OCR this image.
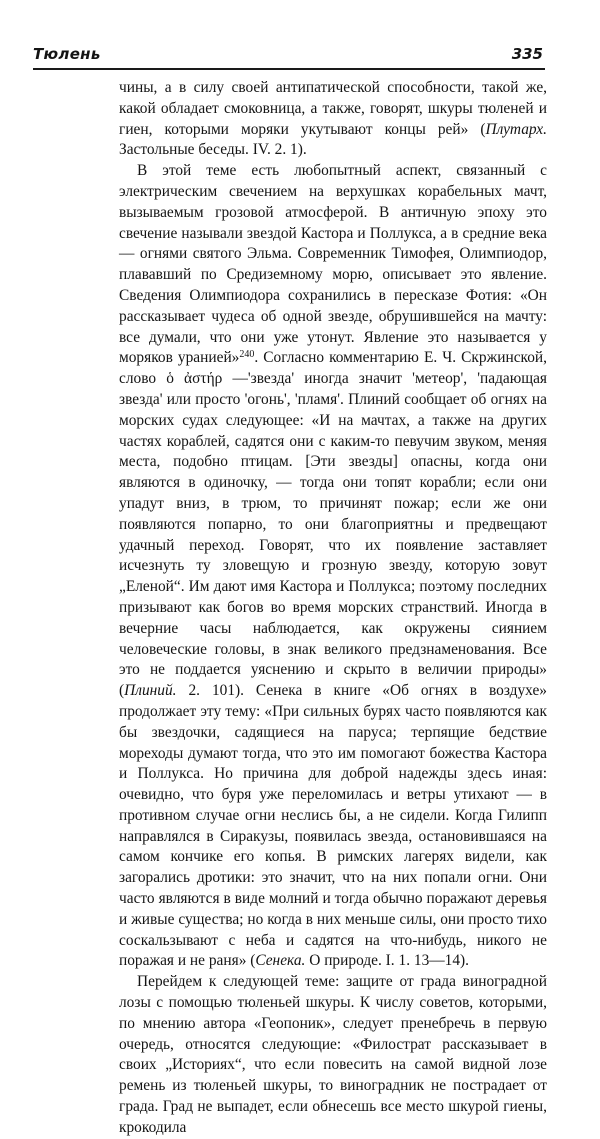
Тюлень	335

чины, а в силу своей антипатической способности, такой же, какой обладает смоковница, а также, говорят, шкуры тюленей и гиен, которыми моряки укутывают концы рей» (Плутарх. Застольные беседы. IV. 2. 1).

В этой теме есть любопытный аспект, связанный с электрическим свечением на верхушках корабельных мачт, вызываемым грозовой атмосферой. В античную эпоху это свечение называли звездой Кастора и Поллукса, а в средние века — огнями святого Эльма. Современник Тимофея, Олимпиодор, плававший по Средиземному морю, описывает это явление. Сведения Олимпиодора сохранились в пересказе Фотия: «Он рассказывает чудеса об одной звезде, обрушившейся на мачту: все думали, что они уже утонут. Явление это называется у моряков уранией»$^{240}$. Согласно комментарию Е. Ч. Скржинской, слово ὁ ἀστήρ —'звезда' иногда значит 'метеор', 'падающая звезда' или просто 'огонь', 'пламя'. Плиний сообщает об огнях на морских судах следующее: «И на мачтах, а также на других частях кораблей, садятся они с каким-то певучим звуком, меняя места, подобно птицам. [Эти звезды] опасны, когда они являются в одиночку, — тогда они топят корабли; если они упадут вниз, в трюм, то причинят пожар; если же они появляются попарно, то они благоприятны и предвещают удачный переход. Говорят, что их появление заставляет исчезнуть ту зловещую и грозную звезду, которую зовут „Еленой“. Им дают имя Кастора и Поллукса; поэтому последних призывают как богов во время морских странствий. Иногда в вечерние часы наблюдается, как окружены сиянием человеческие головы, в знак великого предзнаменования. Все это не поддается уяснению и скрыто в величии природы» (Плиний. 2. 101). Сенека в книге «Об огнях в воздухе» продолжает эту тему: «При сильных бурях часто появляются как бы звездочки, садящиеся на паруса; терпящие бедствие мореходы думают тогда, что это им помогают божества Кастора и Поллукса. Но причина для доброй надежды здесь иная: очевидно, что буря уже переломилась и ветры утихают — в противном случае огни неслись бы, а не сидели. Когда Гилипп направлялся в Сиракузы, появилась звезда, остановившаяся на самом кончике его копья. В римских лагерях видели, как загорались дротики: это значит, что на них попали огни. Они часто являются в виде молний и тогда обычно поражают деревья и живые существа; но когда в них меньше силы, они просто тихо соскальзывают с неба и садятся на что-нибудь, никого не поражая и не раня» (Сенека. О природе. I. 1. 13—14).

Перейдем к следующей теме: защите от града виноградной лозы с помощью тюленьей шкуры. К числу советов, которыми, по мнению автора «Геопоник», следует пренебречь в первую очередь, относятся следующие: «Филострат рассказывает в своих „Историях“, что если повесить на самой видной лозе ремень из тюленьей шкуры, то виноградник не пострадает от града. Град не выпадет, если обнесешь все место шкурой гиены, крокодила
